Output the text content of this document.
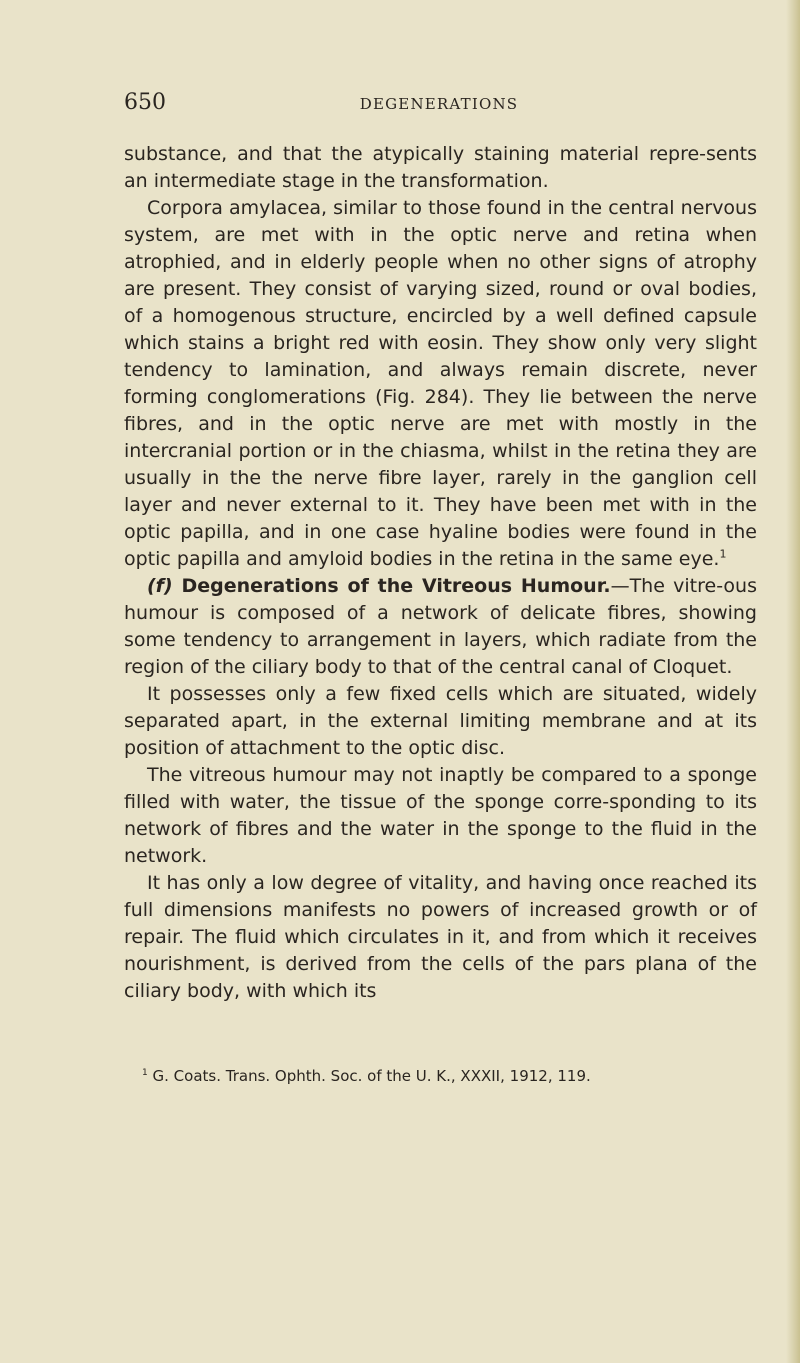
650	DEGENERATIONS

substance, and that the atypically staining material repre-sents an intermediate stage in the transformation.

Corpora amylacea, similar to those found in the central nervous system, are met with in the optic nerve and retina when atrophied, and in elderly people when no other signs of atrophy are present. They consist of varying sized, round or oval bodies, of a homogenous structure, encircled by a well defined capsule which stains a bright red with eosin. They show only very slight tendency to lamination, and always remain discrete, never forming conglomerations (Fig. 284). They lie between the nerve fibres, and in the optic nerve are met with mostly in the intercranial portion or in the chiasma, whilst in the retina they are usually in the the nerve fibre layer, rarely in the ganglion cell layer and never external to it. They have been met with in the optic papilla, and in one case hyaline bodies were found in the optic papilla and amyloid bodies in the retina in the same eye.$^1$

(f) Degenerations of the Vitreous Humour.—The vitre-ous humour is composed of a network of delicate fibres, showing some tendency to arrangement in layers, which radiate from the region of the ciliary body to that of the central canal of Cloquet.

It possesses only a few fixed cells which are situated, widely separated apart, in the external limiting membrane and at its position of attachment to the optic disc.

The vitreous humour may not inaptly be compared to a sponge filled with water, the tissue of the sponge corre-sponding to its network of fibres and the water in the sponge to the fluid in the network.

It has only a low degree of vitality, and having once reached its full dimensions manifests no powers of increased growth or of repair. The fluid which circulates in it, and from which it receives nourishment, is derived from the cells of the pars plana of the ciliary body, with which its

$^1$ G. Coats. Trans. Ophth. Soc. of the U. K., XXXII, 1912, 119.
